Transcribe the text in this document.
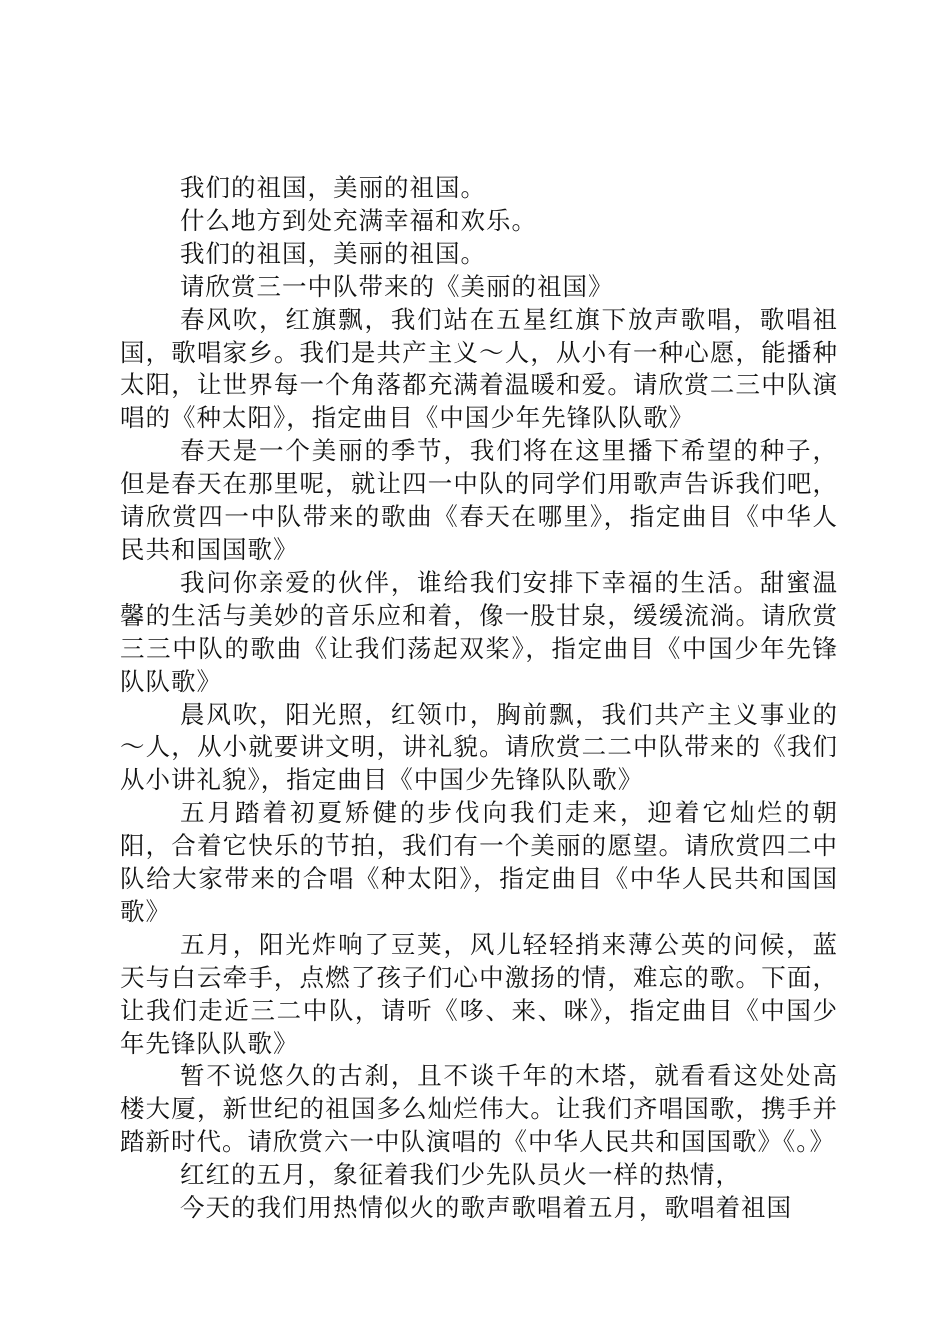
我们的祖国，美丽的祖国。

什么地方到处充满幸福和欢乐。

我们的祖国，美丽的祖国。

请欣赏三一中队带来的《美丽的祖国》

春风吹，红旗飘，我们站在五星红旗下放声歌唱，歌唱祖国，歌唱家乡。我们是共产主义～人，从小有一种心愿，能播种太阳，让世界每一个角落都充满着温暖和爱。请欣赏二三中队演唱的《种太阳》，指定曲目《中国少年先锋队队歌》

春天是一个美丽的季节，我们将在这里播下希望的种子，但是春天在那里呢，就让四一中队的同学们用歌声告诉我们吧，请欣赏四一中队带来的歌曲《春天在哪里》，指定曲目《中华人民共和国国歌》

我问你亲爱的伙伴，谁给我们安排下幸福的生活。甜蜜温馨的生活与美妙的音乐应和着，像一股甘泉，缓缓流淌。请欣赏三三中队的歌曲《让我们荡起双桨》，指定曲目《中国少年先锋队队歌》

晨风吹，阳光照，红领巾，胸前飘，我们共产主义事业的～人，从小就要讲文明，讲礼貌。请欣赏二二中队带来的《我们从小讲礼貌》，指定曲目《中国少先锋队队歌》

五月踏着初夏矫健的步伐向我们走来，迎着它灿烂的朝阳，合着它快乐的节拍，我们有一个美丽的愿望。请欣赏四二中队给大家带来的合唱《种太阳》，指定曲目《中华人民共和国国歌》

五月，阳光炸响了豆荚，风儿轻轻捎来薄公英的问候，蓝天与白云牵手，点燃了孩子们心中激扬的情，难忘的歌。下面，让我们走近三二中队，请听《哆、来、咪》，指定曲目《中国少年先锋队队歌》

暂不说悠久的古刹，且不谈千年的木塔，就看看这处处高楼大厦，新世纪的祖国多么灿烂伟大。让我们齐唱国歌，携手并踏新时代。请欣赏六一中队演唱的《中华人民共和国国歌》《。》

红红的五月，象征着我们少先队员火一样的热情，

今天的我们用热情似火的歌声歌唱着五月，歌唱着祖国
